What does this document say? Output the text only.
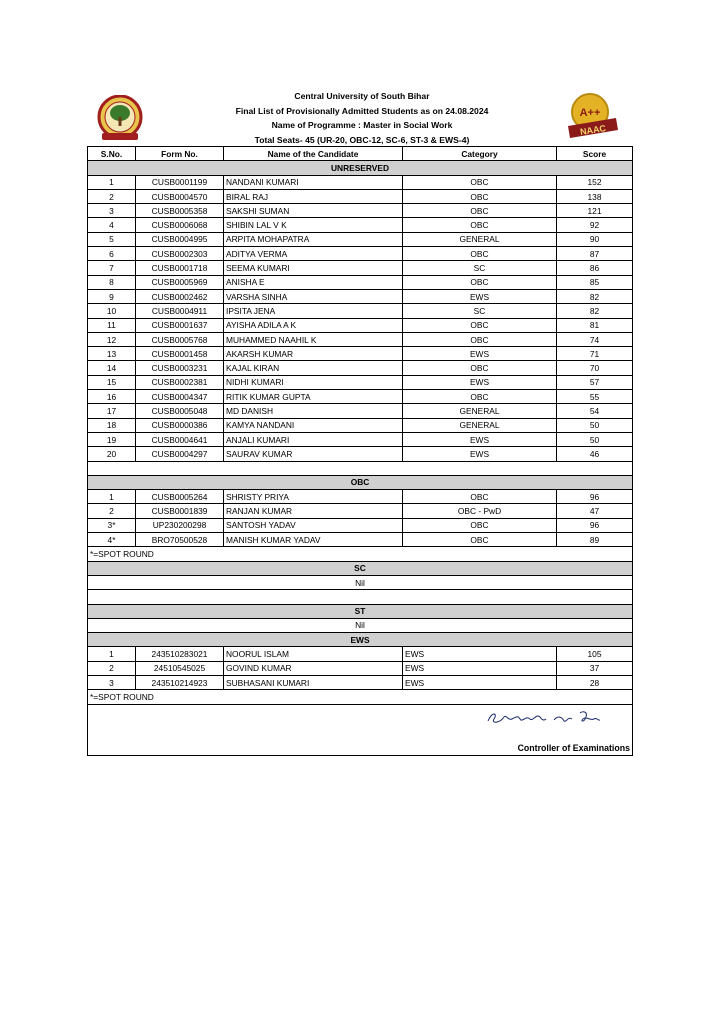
Central University of South Bihar
Final List of Provisionally Admitted Students as on 24.08.2024
Name of Programme : Master in Social Work
Total Seats- 45 (UR-20, OBC-12, SC-6, ST-3 & EWS-4)
A++
NAAC
S.No.	Form No.	Name of the Candidate	Category	Score
UNRESERVED				
1	CUSB0001199	NANDANI KUMARI	OBC	152
2	CUSB0004570	BIRAL RAJ	OBC	138
3	CUSB0005358	SAKSHI SUMAN	OBC	121
4	CUSB0006068	SHIBIN LAL V K	OBC	92
5	CUSB0004995	ARPITA MOHAPATRA	GENERAL	90
6	CUSB0002303	ADITYA VERMA	OBC	87
7	CUSB0001718	SEEMA KUMARI	SC	86
8	CUSB0005969	ANISHA E	OBC	85
9	CUSB0002462	VARSHA SINHA	EWS	82
10	CUSB0004911	IPSITA JENA	SC	82
11	CUSB0001637	AYISHA ADILA A K	OBC	81
12	CUSB0005768	MUHAMMED NAAHIL K	OBC	74
13	CUSB0001458	AKARSH KUMAR	EWS	71
14	CUSB0003231	KAJAL KIRAN	OBC	70
15	CUSB0002381	NIDHI KUMARI	EWS	57
16	CUSB0004347	RITIK KUMAR GUPTA	OBC	55
17	CUSB0005048	MD DANISH	GENERAL	54
18	CUSB0000386	KAMYA NANDANI	GENERAL	50
19	CUSB0004641	ANJALI KUMARI	EWS	50
20	CUSB0004297	SAURAV KUMAR	EWS	46

OBC				
1	CUSB0005264	SHRISTY PRIYA	OBC	96
2	CUSB0001839	RANJAN KUMAR	OBC - PwD	47
3*	UP230200298	SANTOSH YADAV	OBC	96
4*	BRO70500528	MANISH KUMAR YADAV	OBC	89
*=SPOT ROUND				
SC				
Nil				

ST				
Nil				
EWS				
1	243510283021	NOORUL ISLAM	EWS	105
2	24510545025	GOVIND KUMAR	EWS	37
3	243510214923	SUBHASANI KUMARI	EWS	28
*=SPOT ROUND				

Controller of Examinations				
